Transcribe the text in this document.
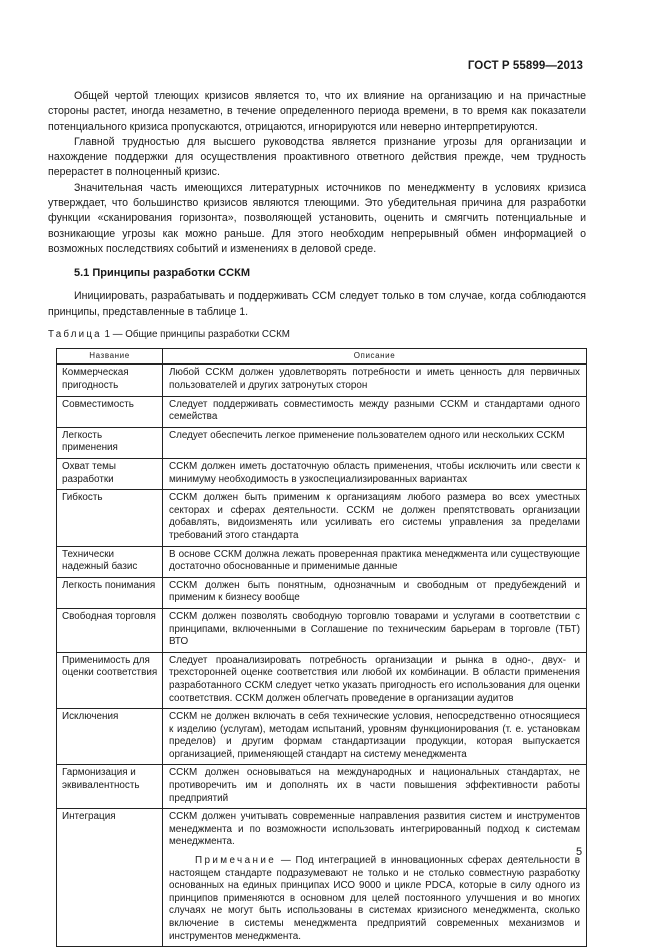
ГОСТ Р 55899—2013

Общей чертой тлеющих кризисов является то, что их влияние на организацию и на причастные стороны растет, иногда незаметно, в течение определенного периода времени, в то время как показатели потенциального кризиса пропускаются, отрицаются, игнорируются или неверно интерпретируются.

Главной трудностью для высшего руководства является признание угрозы для организации и нахождение поддержки для осуществления проактивного ответного действия прежде, чем трудность перерастет в полноценный кризис.

Значительная часть имеющихся литературных источников по менеджменту в условиях кризиса утверждает, что большинство кризисов являются тлеющими. Это убедительная причина для разработки функции «сканирования горизонта», позволяющей установить, оценить и смягчить потенциальные и возникающие угрозы как можно раньше. Для этого необходим непрерывный обмен информацией о возможных последствиях событий и изменениях в деловой среде.

5.1 Принципы разработки ССКМ

Инициировать, разрабатывать и поддерживать ССМ следует только в том случае, когда соблюдаются принципы, представленные в таблице 1.

Таблица 1 — Общие принципы разработки ССКМ
Название	Описание
Коммерческая пригодность	Любой ССКМ должен удовлетворять потребности и иметь ценность для первичных пользователей и других затронутых сторон
Совместимость	Следует поддерживать совместимость между разными ССКМ и стандартами одного семейства
Легкость применения	Следует обеспечить легкое применение пользователем одного или нескольких ССКМ
Охват темы разработки	ССКМ должен иметь достаточную область применения, чтобы исключить или свести к минимуму необходимость в узкоспециализированных вариантах
Гибкость	ССКМ должен быть применим к организациям любого размера во всех уместных секторах и сферах деятельности. ССКМ не должен препятствовать организации добавлять, видоизменять или усиливать его системы управления за пределами требований этого стандарта
Технически надежный базис	В основе ССКМ должна лежать проверенная практика менеджмента или существующие достаточно обоснованные и применимые данные
Легкость понимания	ССКМ должен быть понятным, однозначным и свободным от предубеждений и применим к бизнесу вообще
Свободная торговля	ССКМ должен позволять свободную торговлю товарами и услугами в соответствии с принципами, включенными в Соглашение по техническим барьерам в торговле (ТБТ) ВТО
Применимость для оценки соответствия	Следует проанализировать потребность организации и рынка в одно-, двух- и трехсторонней оценке соответствия или любой их комбинации. В области применения разработанного ССКМ следует четко указать пригодность его использования для оценки соответствия. ССКМ должен облегчать проведение в организации аудитов
Исключения	ССКМ не должен включать в себя технические условия, непосредственно относящиеся к изделию (услугам), методам испытаний, уровням функционирования (т. е. установкам пределов) и другим формам стандартизации продукции, которая выпускается организацией, применяющей стандарт на систему менеджмента
Гармонизация и эквивалентность	ССКМ должен основываться на международных и национальных стандартах, не противоречить им и дополнять их в части повышения эффективности работы предприятий
Интеграция	ССКМ должен учитывать современные направления развития систем и инструментов менеджмента и по возможности использовать интегрированный подход к системам менеджмента.
Примечание — Под интеграцией в инновационных сферах деятельности в настоящем стандарте подразумевают не только и не столько совместную разработку основанных на единых принципах ИСО 9000 и цикле PDCA, которые в силу одного из принципов применяются в основном для целей постоянного улучшения и во многих случаях не могут быть использованы в системах кризисного менеджмента, сколько включение в системы менеджмента предприятий современных механизмов и инструментов менеджмента.
5
